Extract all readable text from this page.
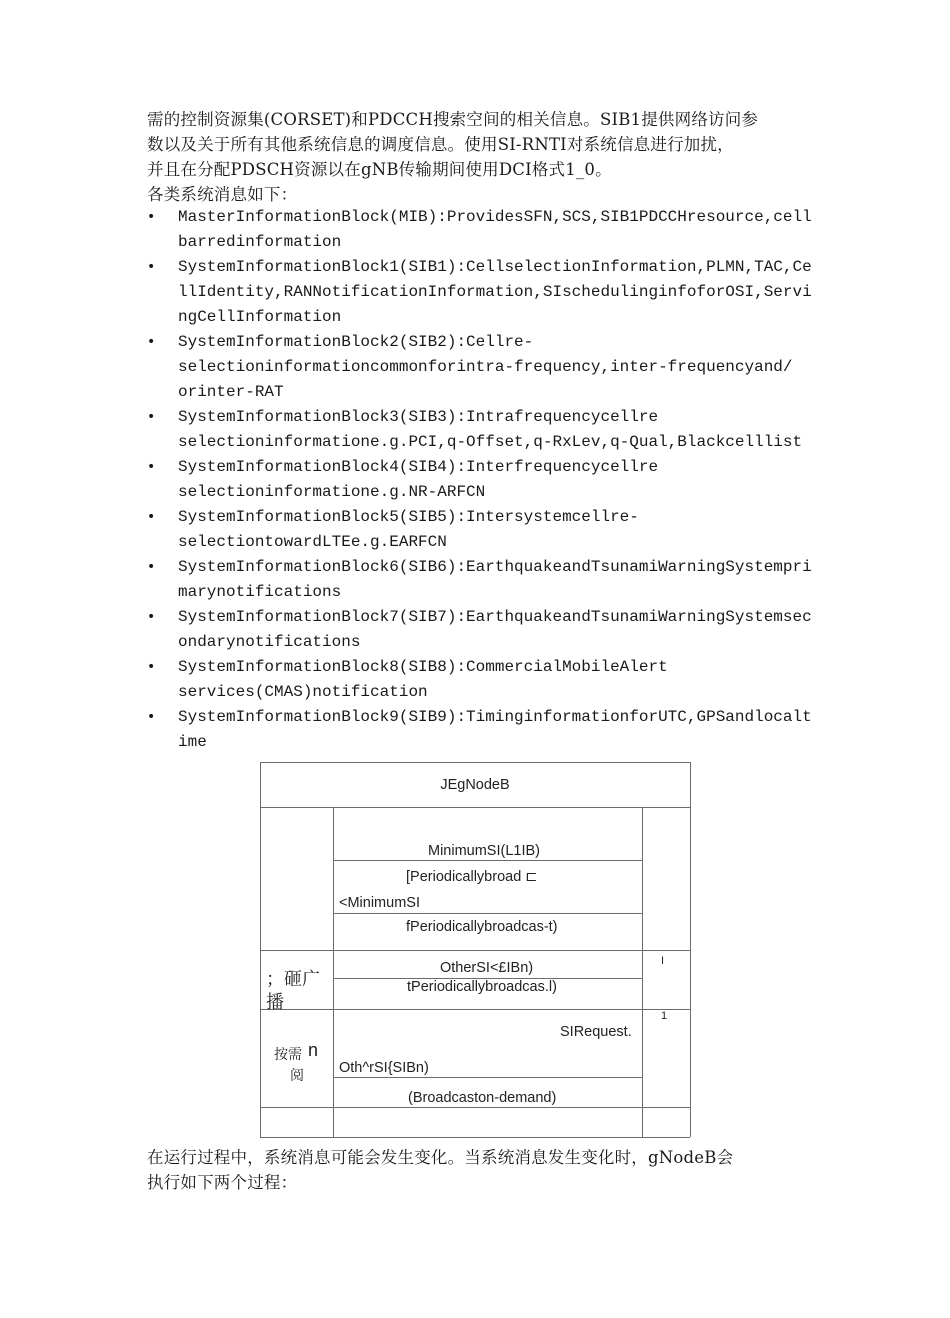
需的控制资源集(CORSET)和PDCCH搜索空间的相关信息。SIB1提供网络访问参
数以及关于所有其他系统信息的调度信息。使用SI-RNTI对系统信息进行加扰，
并且在分配PDSCH资源以在gNB传输期间使用DCI格式1_0。
各类系统消息如下：
• MasterInformationBlock(MIB):ProvidesSFN,SCS,SIB1PDCCHresource,cell
barredinformation
• SystemInformationBlock1(SIB1):CellselectionInformation,PLMN,TAC,Ce
llIdentity,RANNotificationInformation,SIschedulinginfoforOSI,Servi
ngCellInformation
• SystemInformationBlock2(SIB2):Cellre-
selectioninformationcommonforintra-frequency,inter-frequencyand/
orinter-RAT
• SystemInformationBlock3(SIB3):Intrafrequencycellre
selectioninformatione.g.PCI,q-Offset,q-RxLev,q-Qual,Blackcelllist
• SystemInformationBlock4(SIB4):Interfrequencycellre
selectioninformatione.g.NR-ARFCN
• SystemInformationBlock5(SIB5):Intersystemcellre-
selectiontowardLTEe.g.EARFCN
• SystemInformationBlock6(SIB6):EarthquakeandTsunamiWarningSystempri
marynotifications
• SystemInformationBlock7(SIB7):EarthquakeandTsunamiWarningSystemsec
ondarynotifications
• SystemInformationBlock8(SIB8):CommercialMobileAlert
services(CMAS)notification
• SystemInformationBlock9(SIB9):TiminginformationforUTC,GPSandlocalt
ime
JEgNodeB
MinimumSI(L1IB)
[Periodicallybroad ⊏
<MinimumSI
fPeriodicallybroadcas-t)
；砸广
播
OtherSI<£IBn)	I
tPeriodicallybroadcas.l)
1
SIRequest.
按需 n
阅 Oth^rSI{SIBn)
(Broadcaston-demand)
在运行过程中，系统消息可能会发生变化。当系统消息发生变化时，gNodeB会
执行如下两个过程：
